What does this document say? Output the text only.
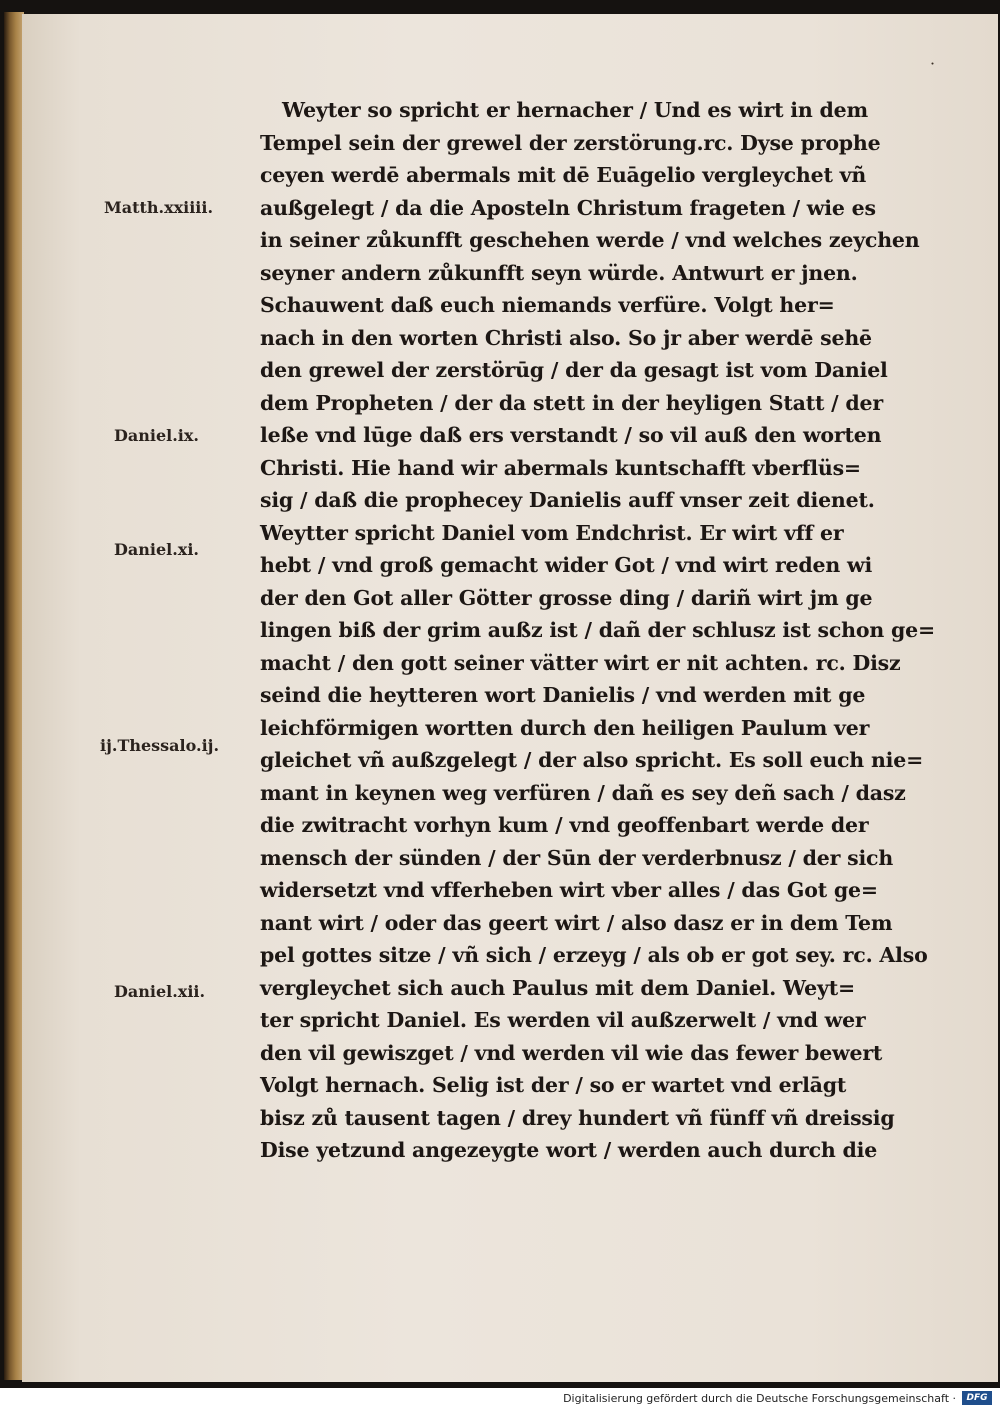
˙
Matth.xxiiii.
Daniel.ix.
Daniel.xi.
ij.Thessalo.ij.
Daniel.xii.
Weyter so spricht er hernacher / Und es wirt in dem
Tempel sein der grewel der zerstörung.rc. Dyse prophe
ceyen werdē abermals mit dē Euāgelio vergleychet vñ
außgelegt / da die Aposteln Christum frageten / wie es
in seiner zůkunfft geschehen werde / vnd welches zeychen
seyner andern zůkunfft seyn würde. Antwurt er jnen.
Schauwent daß euch niemands verfüre. Volgt her=
nach in den worten Christi also. So jr aber werdē sehē
den grewel der zerstörūg / der da gesagt ist vom Daniel
dem Propheten / der da stett in der heyligen Statt / der
leße vnd lūge daß ers verstandt / so vil auß den worten
Christi. Hie hand wir abermals kuntschafft vberflüs=
sig / daß die prophecey Danielis auff vnser zeit dienet.
Weytter spricht Daniel vom Endchrist. Er wirt vff er
hebt / vnd groß gemacht wider Got / vnd wirt reden wi
der den Got aller Götter grosse ding / dariñ wirt jm ge
lingen biß der grim außz ist / dañ der schlusz ist schon ge=
macht / den gott seiner vätter wirt er nit achten. rc. Disz
seind die heytteren wort Danielis / vnd werden mit ge
leichförmigen wortten durch den heiligen Paulum ver
gleichet vñ außzgelegt / der also spricht. Es soll euch nie=
mant in keynen weg verfüren / dañ es sey deñ sach / dasz
die zwitracht vorhyn kum / vnd geoffenbart werde der
mensch der sünden / der Sūn der verderbnusz / der sich
widersetzt vnd vfferheben wirt vber alles / das Got ge=
nant wirt / oder das geert wirt / also dasz er in dem Tem
pel gottes sitze / vñ sich / erzeyg / als ob er got sey. rc. Also
vergleychet sich auch Paulus mit dem Daniel. Weyt=
ter spricht Daniel. Es werden vil außzerwelt / vnd wer
den vil gewiszget / vnd werden vil wie das fewer bewert
Volgt hernach. Selig ist der / so er wartet vnd erlāgt
bisz zů tausent tagen / drey hundert vñ fünff vñ dreissig
Dise yetzund angezeygte wort / werden auch durch die
Digitalisierung gefördert durch die Deutsche Forschungsgemeinschaft ·	DFG
